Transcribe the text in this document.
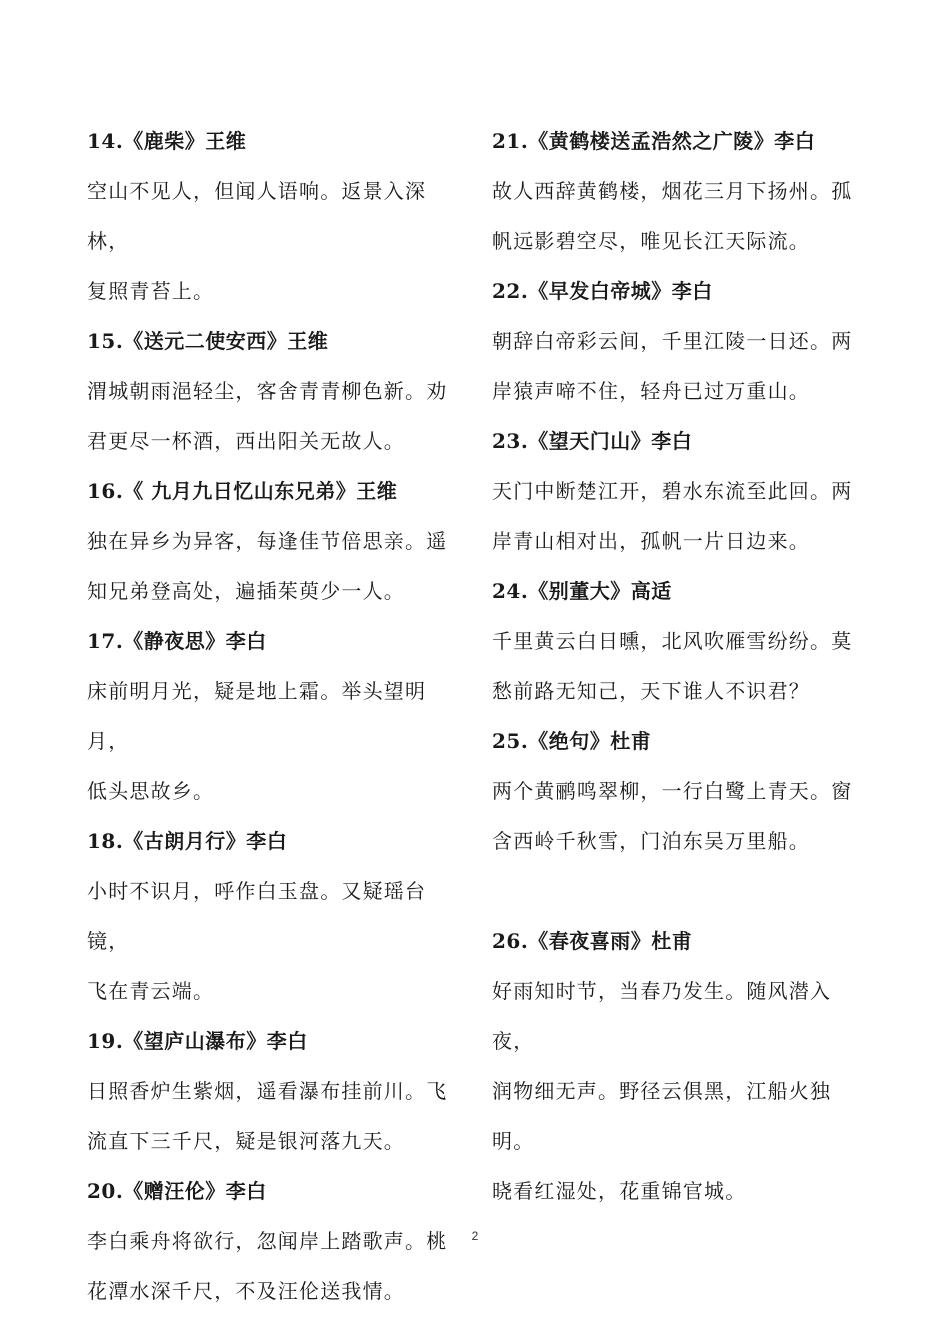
14.《鹿柴》王维
空山不见人，但闻人语响。返景入深林，
复照青苔上。
15.《送元二使安西》王维
渭城朝雨浥轻尘，客舍青青柳色新。劝
君更尽一杯酒，西出阳关无故人。
16.《 九月九日忆山东兄弟》王维
独在异乡为异客，每逢佳节倍思亲。遥
知兄弟登高处，遍插茱萸少一人。
17.《静夜思》李白
床前明月光，疑是地上霜。举头望明月，
低头思故乡。
18.《古朗月行》李白
小时不识月，呼作白玉盘。又疑瑶台镜，
飞在青云端。
19.《望庐山瀑布》李白
日照香炉生紫烟，遥看瀑布挂前川。飞
流直下三千尺，疑是银河落九天。
20.《赠汪伦》李白
李白乘舟将欲行，忽闻岸上踏歌声。桃
花潭水深千尺，不及汪伦送我情。
21.《黄鹤楼送孟浩然之广陵》李白
故人西辞黄鹤楼，烟花三月下扬州。孤
帆远影碧空尽，唯见长江天际流。
22.《早发白帝城》李白
朝辞白帝彩云间，千里江陵一日还。两
岸猿声啼不住，轻舟已过万重山。
23.《望天门山》李白
天门中断楚江开，碧水东流至此回。两
岸青山相对出，孤帆一片日边来。
24.《别董大》高适
千里黄云白日曛，北风吹雁雪纷纷。莫
愁前路无知己，天下谁人不识君？
25.《绝句》杜甫
两个黄鹂鸣翠柳，一行白鹭上青天。窗
含西岭千秋雪，门泊东吴万里船。
26.《春夜喜雨》杜甫
好雨知时节，当春乃发生。随风潜入夜，
润物细无声。野径云俱黑，江船火独明。
晓看红湿处，花重锦官城。
2
